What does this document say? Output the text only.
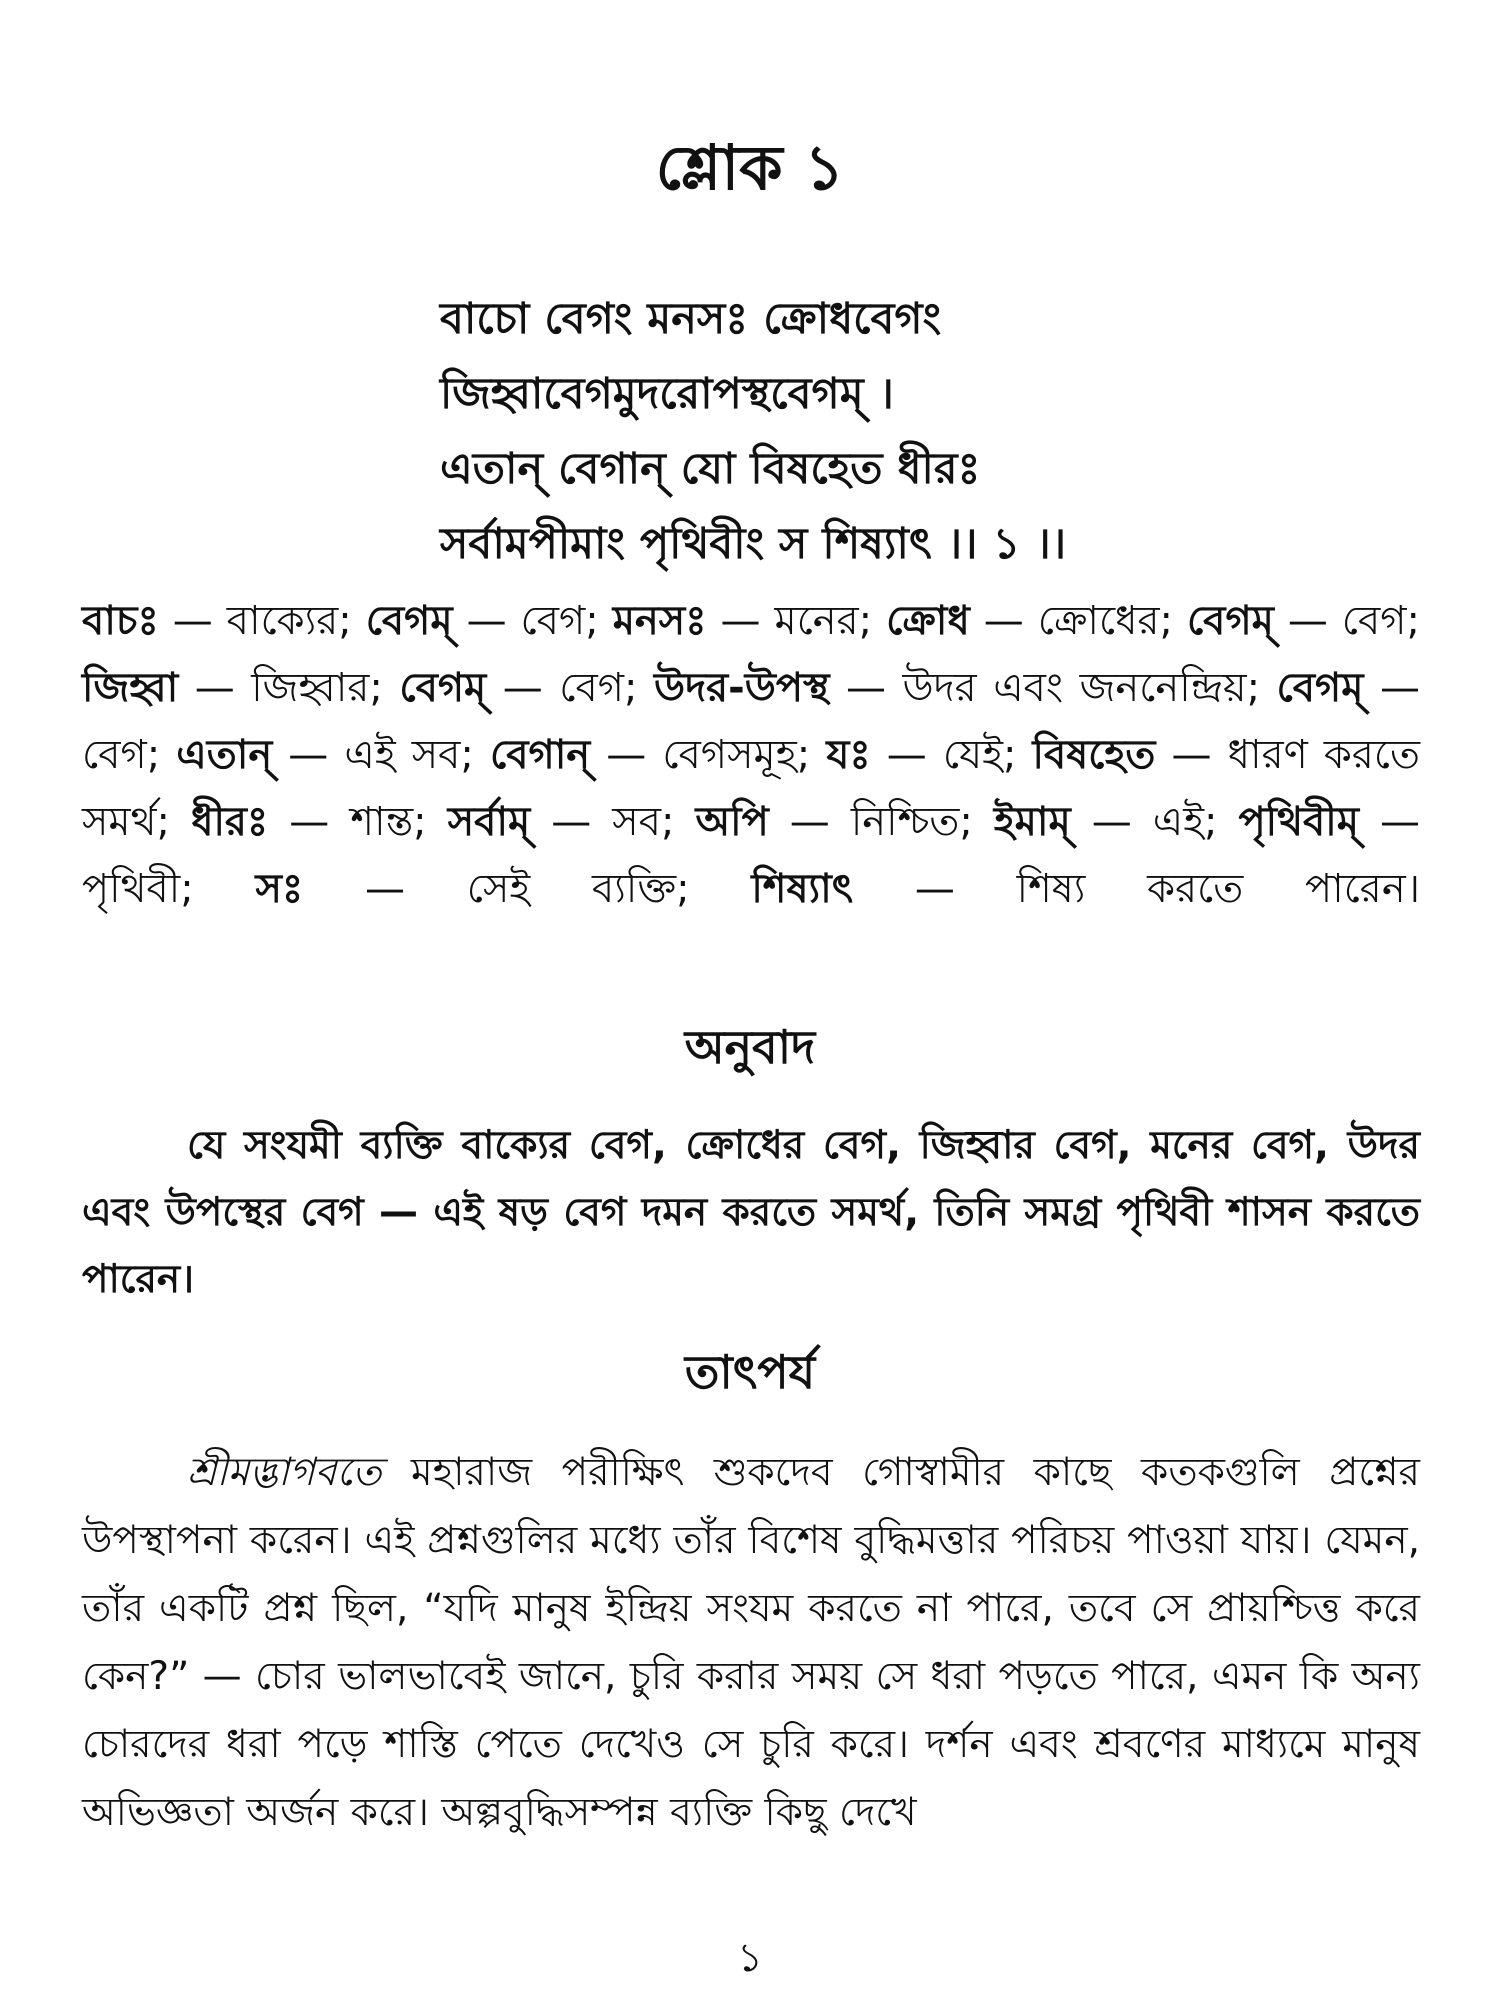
শ্লোক ১
বাচো বেগং মনসঃ ক্রোধবেগং
জিহ্বাবেগমুদরোপস্থবেগম্ ।
এতান্ বেগান্ যো বিষহেত ধীরঃ
সর্বামপীমাং পৃথিবীং স শিষ্যাৎ ।। ১ ।।
বাচঃ — বাক্যের; বেগম্ — বেগ; মনসঃ — মনের; ক্রোধ — ক্রোধের; বেগম্ — বেগ; জিহ্বা — জিহ্বার; বেগম্ — বেগ; উদর-উপস্থ — উদর এবং জননেন্দ্রিয়; বেগম্ — বেগ; এতান্ — এই সব; বেগান্ — বেগসমূহ; যঃ — যেই; বিষহেত — ধারণ করতে সমর্থ; ধীরঃ — শান্ত; সর্বাম্ — সব; অপি — নিশ্চিত; ইমাম্ — এই; পৃথিবীম্ — পৃথিবী; সঃ — সেই ব্যক্তি; শিষ্যাৎ — শিষ্য করতে পারেন।
অনুবাদ

যে সংযমী ব্যক্তি বাক্যের বেগ, ক্রোধের বেগ, জিহ্বার বেগ, মনের বেগ, উদর এবং উপস্থের বেগ — এই ষড় বেগ দমন করতে সমর্থ, তিনি সমগ্র পৃথিবী শাসন করতে পারেন।

তাৎপর্য

শ্রীমদ্ভাগবতে মহারাজ পরীক্ষিৎ শুকদেব গোস্বামীর কাছে কতকগুলি প্রশ্নের উপস্থাপনা করেন। এই প্রশ্নগুলির মধ্যে তাঁর বিশেষ বুদ্ধিমত্তার পরিচয় পাওয়া যায়। যেমন, তাঁর একটি প্রশ্ন ছিল, “যদি মানুষ ইন্দ্রিয় সংযম করতে না পারে, তবে সে প্রায়শ্চিত্ত করে কেন?” — চোর ভালভাবেই জানে, চুরি করার সময় সে ধরা পড়তে পারে, এমন কি অন্য চোরদের ধরা পড়ে শাস্তি পেতে দেখেও সে চুরি করে। দর্শন এবং শ্রবণের মাধ্যমে মানুষ অভিজ্ঞতা অর্জন করে। অল্পবুদ্ধিসম্পন্ন ব্যক্তি কিছু দেখে

১
